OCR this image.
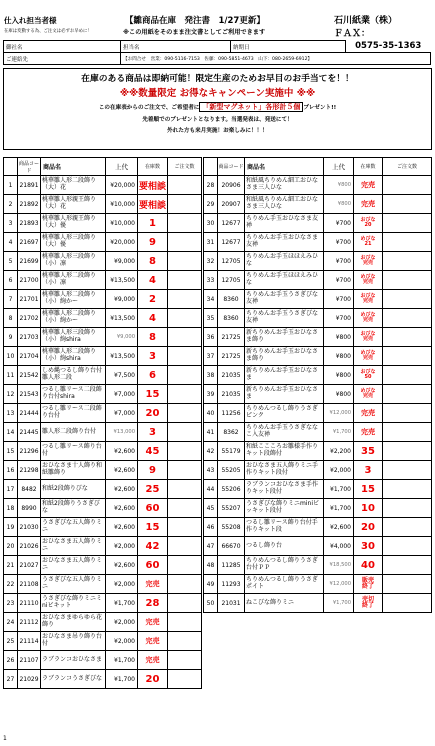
仕入れ担当者様	【雛商品在庫　発注書　1/27更新】	石川紙業（株）
在庫は変動する為、ご注文は必ずお早めに！	※この用紙をそのまま注文書としてご利用できます	ＦＡＸ：
御社名	担当名	納期日	0575-35-1363
ご連絡先	【お問合せ　営業：090-5116-7153　佐藤：090-5851-4673　山下：080-2659-6912】		

在庫のある商品は即納可能！限定生産のためお早目のお手当てを！！

※※数量限定 お得なキャンペーン実施中 ※※

この在庫表からのご注文で、ご希望者に 「新型マグネット」各形計５個 プレゼント!!

先着順でのプレゼントとなります。当選発表は、発送にて！

外れた方も来月実施！お楽しみに！！！

	商品コード	商品名	上代	在庫数	ご注文数
1	21891	桃華雛人形二段飾り（大）花	¥20,000	要相談	
2	21892	桃華雛人形親王飾り（大）花	¥10,000	要相談	
3	21893	桃華雛人形親王飾り（大）優	¥10,000	1	
4	21697	桃華雛人形三段飾り（大）優	¥20,000	9	
5	21699	桃華雛人形三段飾り（小）凛	¥9,000	8	
6	21700	桃華雛人形二段飾り（小）凛	¥13,500	4	
7	21701	桃華雛人形二段飾り（小）絢かー	¥9,000	2	
8	21702	桃華雛人形二段飾り（小）絢かー	¥13,500	4	
9	21703	桃華雛人形三段飾り（小）絢shira	¥9,000	8	
10	21704	桃華雛人形二段飾り（小）絢shira	¥13,500	3	
11	21542	しめ縄つるし飾り台付雛人形二段	¥7,500	6	
12	21543	つるし雛リース二段飾り台付shira	¥7,000	15	
13	21444	つるし雛リース二段飾り台付	¥7,000	20	
14	21445	雛人形二段飾り台付	¥13,000	3	
15	21296	つるし雛リース飾り台付	¥2,600	45	
16	21298	おひなさま十人飾り和紙雛飾り	¥2,600	9	
17	8482	和紙2段飾りびな	¥2,600	25	
18	8990	和紙2段飾りうさぎびな	¥2,600	60	
19	21030	うさぎびな五人飾りミニ	¥2,600	15	
20	21026	おひなさま五人飾りミニ	¥2,000	42	
21	21027	おひなさま五人飾りミニ	¥2,600	60	
22	21108	うさぎびな五人飾りミニ	¥2,000	完売	
23	21110	うさぎびな飾りミニミniビキット	¥1,700	28	
24	21112	おひなさまゆらゆら花飾り	¥2,000	完売	
25	21114	おひなさま吊り飾り台付	¥2,000	完売	
26	21107	ラブランコおひなさま	¥1,700	完売	
27	21029	ラブランコうさぎびな	¥1,700	20	
	商品コード	商品名	上代	在庫数	ご注文数
28	20906	和紙風ちりめん細工おひなさま三人ひな	¥800	完売	
29	20907	和紙風ちりめん細工おひなさま三人ひな	¥800	完売	
30	12677	ちりめん手玉おひなさま友禅	¥700	おびな
20	
31	12677	ちりめんお手玉おひなさま友禅	¥700	めびな
21	
32	12705	ちりめんお手玉ほほえみひな	¥700	おびな
完売	
33	12705	ちりめんお手玉ほほえみひな	¥700	めびな
完売	
34	8360	ちりめんお手玉うさぎびな友禅	¥700	おびな
完売	
35	8360	ちりめんお手玉うさぎびな友禅	¥700	めびな
完売	
36	21725	新ちりめんお手玉おひなさま飾り	¥800	おびな
完売	
37	21725	新ちりめんお手玉おひなさま飾り	¥800	めびな
完売	
38	21035	新ちりめんお手玉おひなさま	¥800	おびな
50	
39	21035	新ちりめんお手玉おひなさま	¥800	めびな
完売	
40	11256	ちりめんつるし飾りうさぎピンク	¥12,000	完売	
41	8362	ちりめんお手玉うさぎななこ入友禅	¥1,700	完売	
42	55179	和紙ここころお雛様手作りキット段飾付	¥2,200	35	
43	55205	おひなさま五人飾りミニ手作りキット段付	¥2,000	3	
44	55206	ラブランコおひなさま手作りキット段付	¥1,700	15	
45	55207	うさぎびな飾りミニminiビッキット段付	¥1,700	10	
46	55208	つるし雛リース飾り台付手作りキット段	¥2,600	20	
47	66670	つるし飾り台	¥4,000	30	
48	11285	ちりめんつるし飾りうさぎ台付ＰＰ	¥18,500	40	
49	11293	ちりめんつるし飾りうさぎポイト	¥12,000	販売
終了	
50	21031	ねこびな飾りミニ	¥1,700	売切
終了	
1
